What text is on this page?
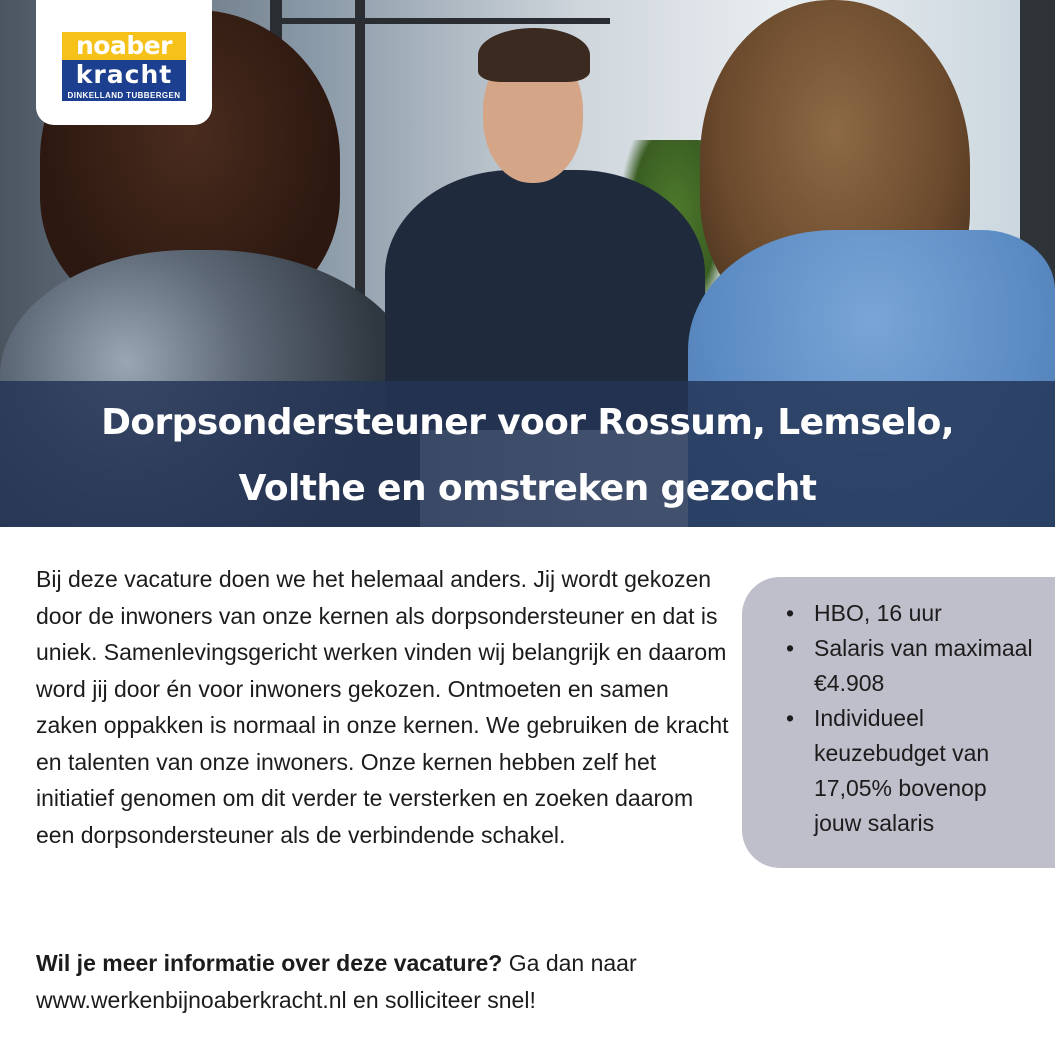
noaber
kracht
DINKELLAND TUBBERGEN
Dorpsondersteuner voor Rossum, Lemselo,
Volthe en omstreken gezocht

Bij deze vacature doen we het helemaal anders. Jij wordt gekozen door de inwoners van onze kernen als dorpsondersteuner en dat is uniek. Samenlevingsgericht werken vinden wij belangrijk en daarom word jij door én voor inwoners gekozen. Ontmoeten en samen zaken oppakken is normaal in onze kernen. We gebruiken de kracht en talenten van onze inwoners. Onze kernen hebben zelf het initiatief genomen om dit verder te versterken en zoeken daarom een dorpsondersteuner als de verbindende schakel.

• HBO, 16 uur
• Salaris van maximaal €4.908
• Individueel keuzebudget van 17,05% bovenop jouw salaris

Wil je meer informatie over deze vacature? Ga dan naar www.werkenbijnoaberkracht.nl en solliciteer snel!
